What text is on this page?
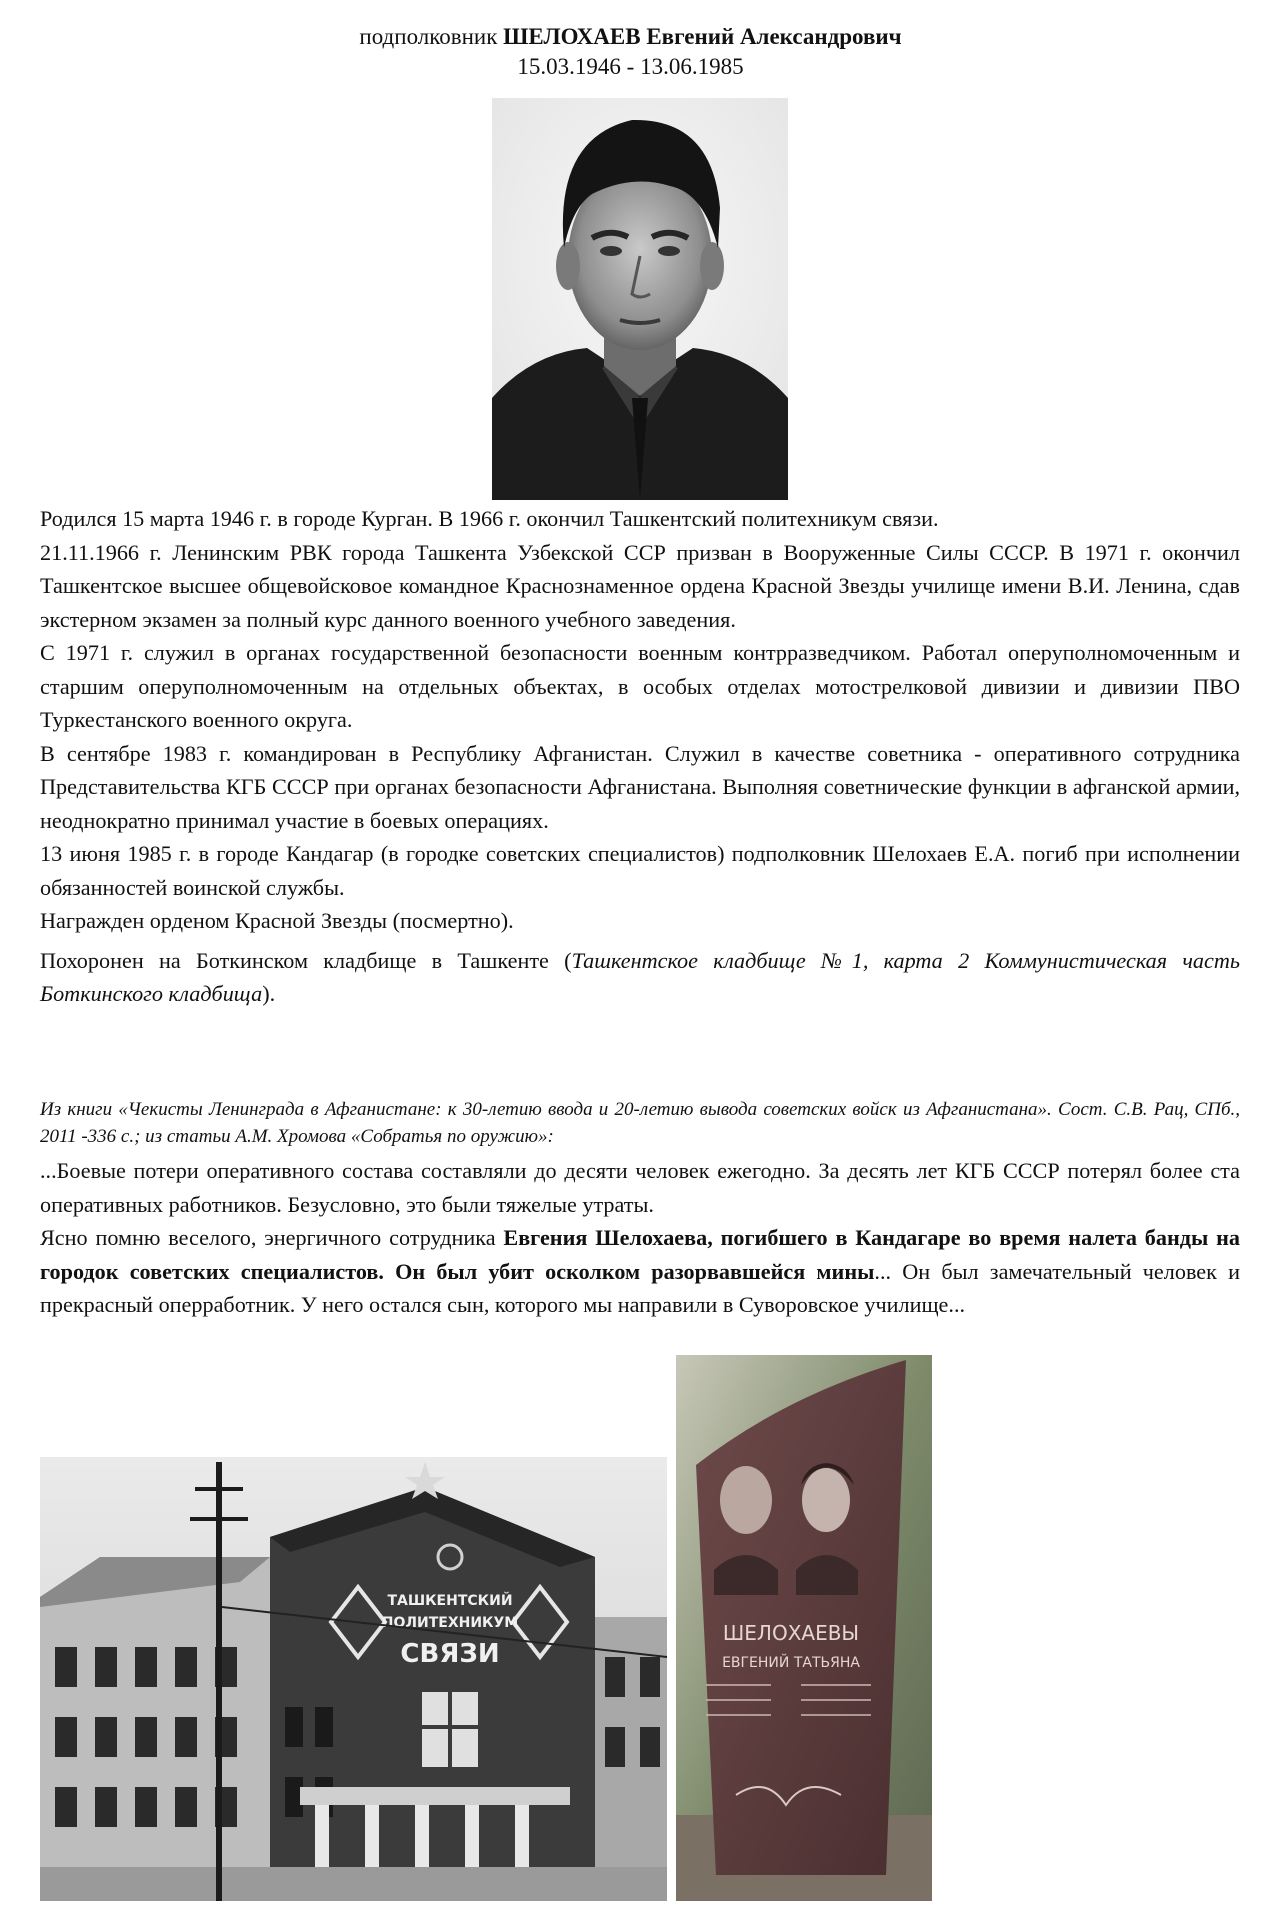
подполковник ШЕЛОХАЕВ Евгений Александрович
15.03.1946 - 13.06.1985

Родился 15 марта 1946 г. в городе Курган. В 1966 г. окончил Ташкентский политехникум связи.

21.11.1966 г. Ленинским РВК города Ташкента Узбекской ССР призван в Вооруженные Силы СССР. В 1971 г. окончил Ташкентское высшее общевойсковое командное Краснознаменное ордена Красной Звезды училище имени В.И. Ленина, сдав экстерном экзамен за полный курс данного военного учебного заведения.

С 1971 г. служил в органах государственной безопасности военным контрразведчиком. Работал оперуполномоченным и старшим оперуполномоченным на отдельных объектах, в особых отделах мотострелковой дивизии и дивизии ПВО Туркестанского военного округа.

В сентябре 1983 г. командирован в Республику Афганистан. Служил в качестве советника - оперативного сотрудника Представительства КГБ СССР при органах безопасности Афганистана. Выполняя советнические функции в афганской армии, неоднократно принимал участие в боевых операциях.

13 июня 1985 г. в городе Кандагар (в городке советских специалистов) подполковник Шелохаев Е.А. погиб при исполнении обязанностей воинской службы.

Награжден орденом Красной Звезды (посмертно).

Похоронен на Боткинском кладбище в Ташкенте (Ташкентское кладбище №1, карта 2 Коммунистическая часть Боткинского кладбища).

Из книги «Чекисты Ленинграда в Афганистане: к 30-летию ввода и 20-летию вывода советских войск из Афганистана». Сост. С.В. Рац, СПб., 2011 -336 с.; из статьи А.М. Хромова «Собратья по оружию»:

...Боевые потери оперативного состава составляли до десяти человек ежегодно. За десять лет КГБ СССР потерял более ста оперативных работников. Безусловно, это были тяжелые утраты.

Ясно помню веселого, энергичного сотрудника Евгения Шелохаева, погибшего в Кандагаре во время налета банды на городок советских специалистов. Он был убит осколком разорвавшейся мины... Он был замечательный человек и прекрасный оперработник. У него остался сын, которого мы направили в Суворовское училище...

ТАШКЕНТСКИЙ
ПОЛИТЕХНИКУМ
СВЯЗИ
ШЕЛОХАЕВЫ
ЕВГЕНИЙ ТАТЬЯНА
